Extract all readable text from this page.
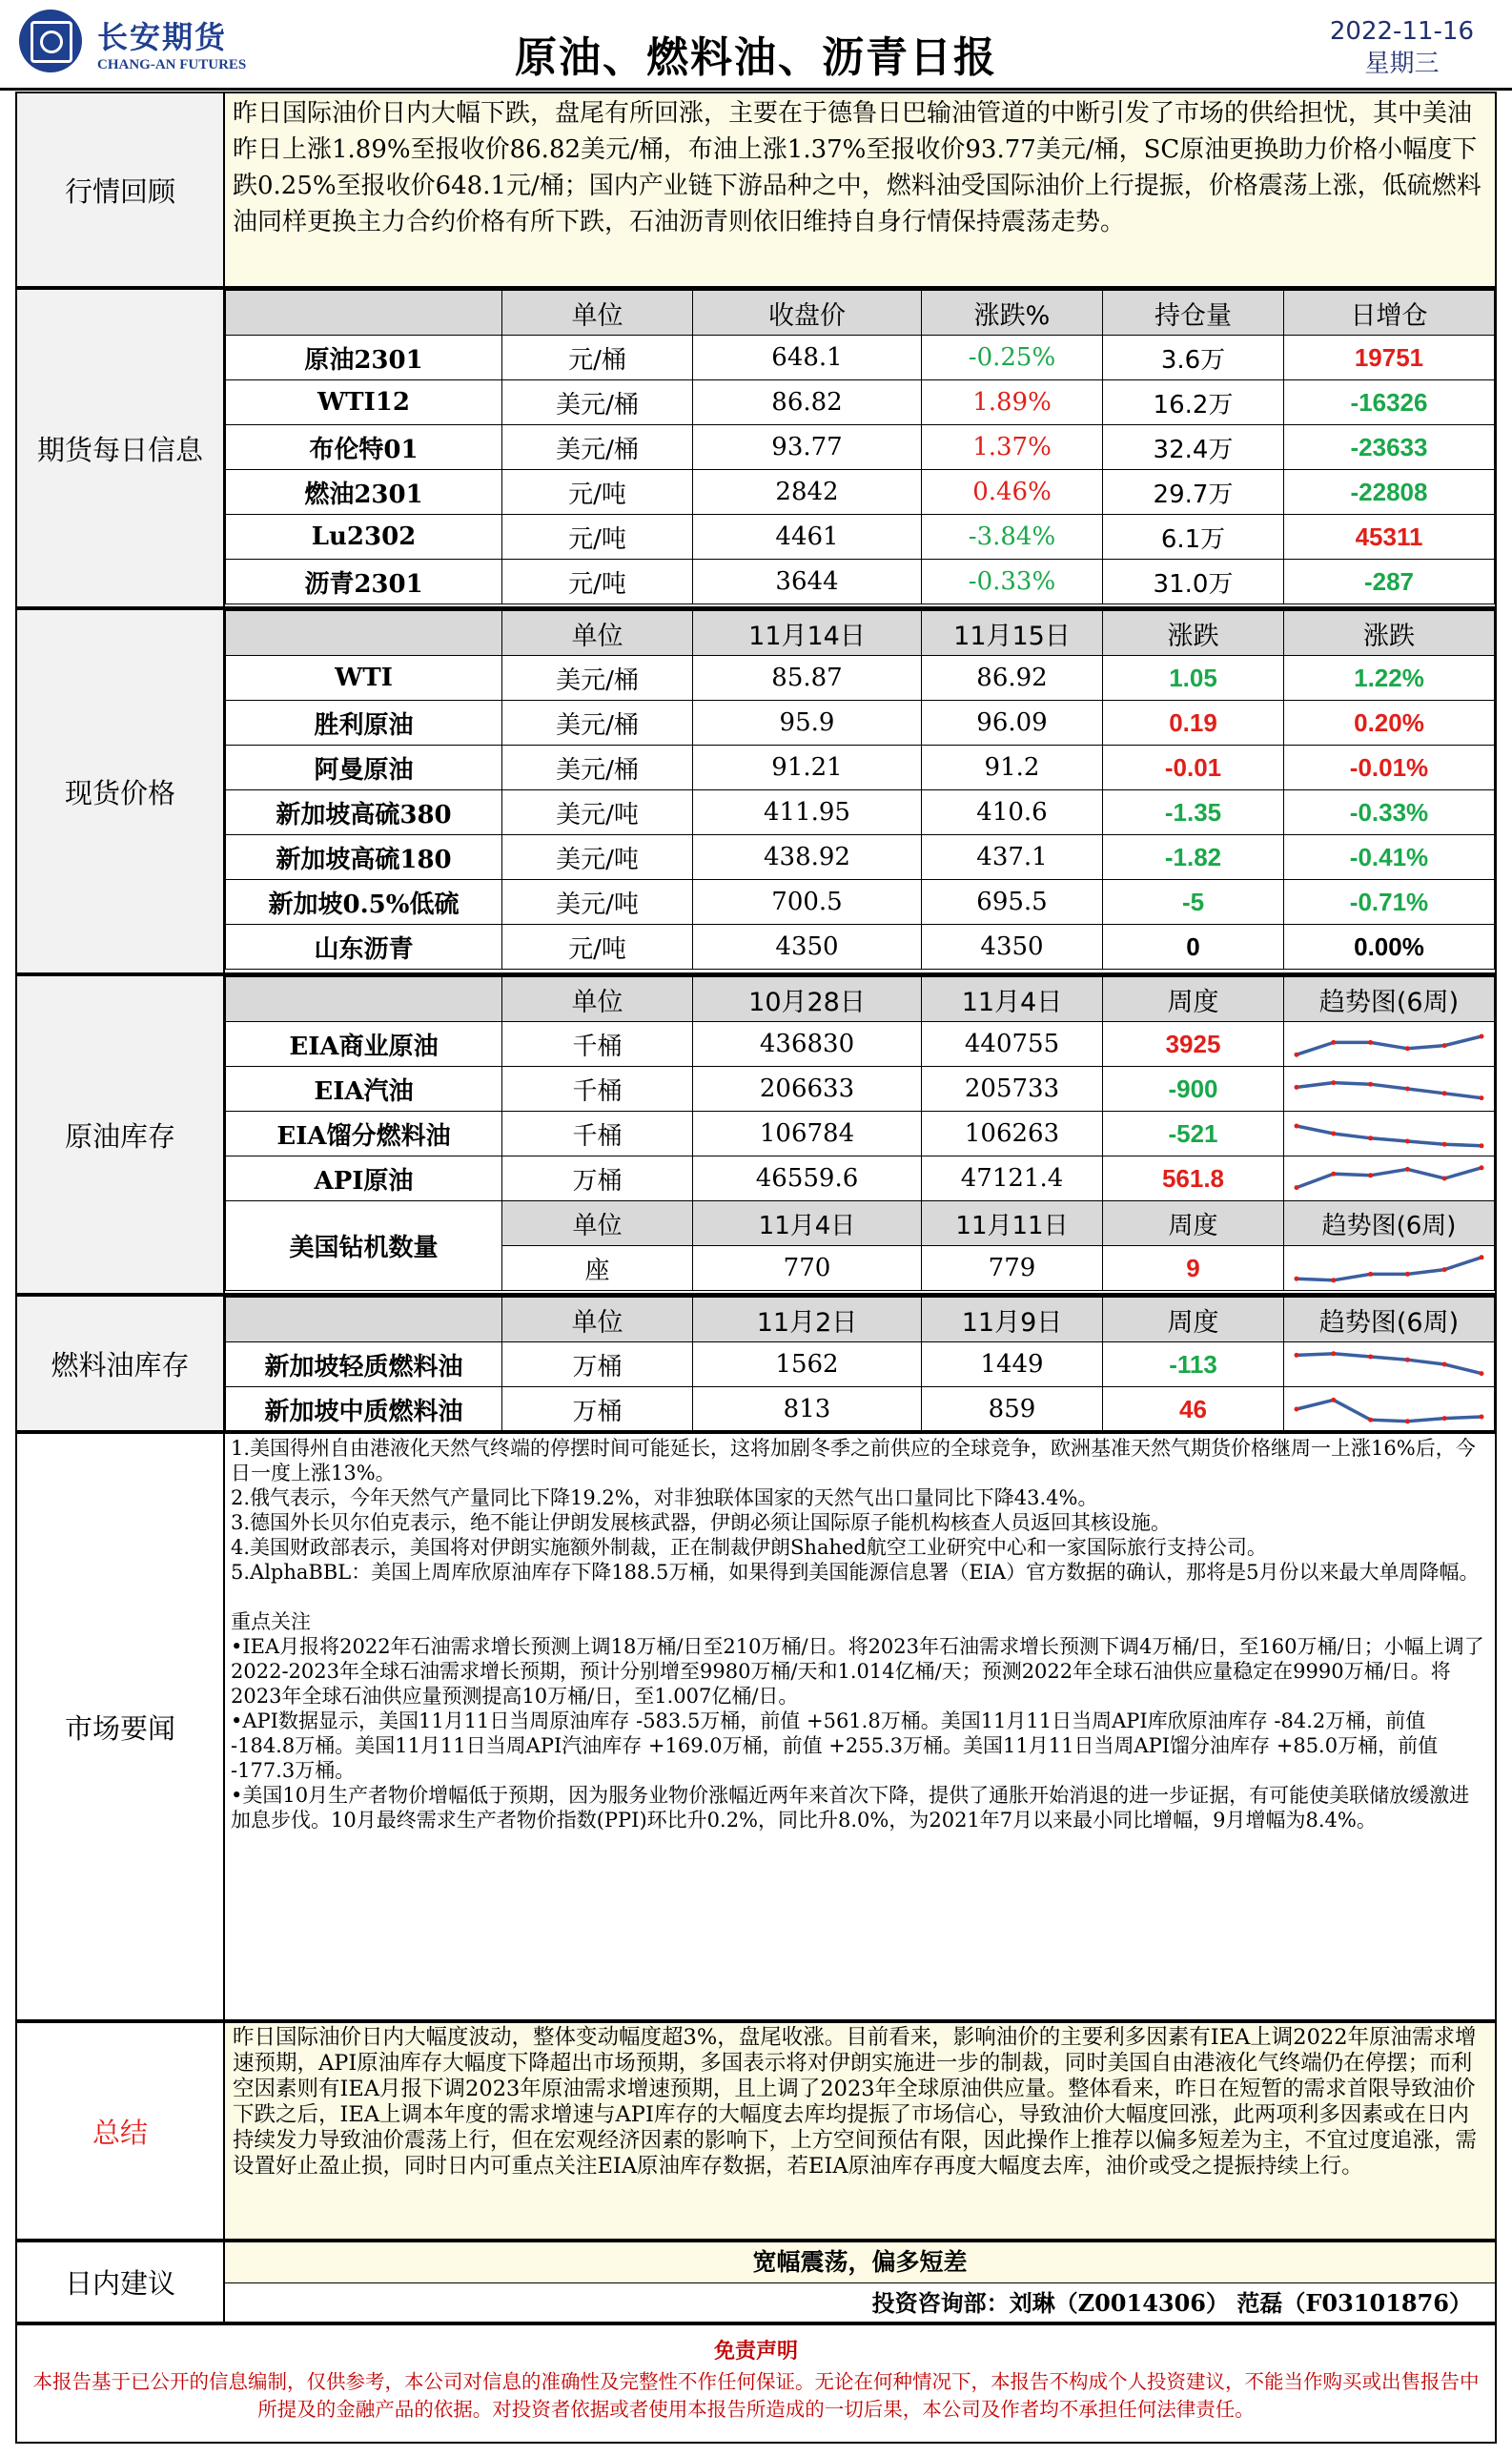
长安期货
CHANG-AN FUTURES	原油、燃料油、沥青日报
2022-11-16
星期三
行情回顾
昨日国际油价日内大幅下跌，盘尾有所回涨，主要在于德鲁日巴输油管道的中断引发了市场的供给担忧，其中美油昨日上涨1.89%至报收价86.82美元/桶，布油上涨1.37%至报收价93.77美元/桶，SC原油更换助力价格小幅度下跌0.25%至报收价648.1元/桶；国内产业链下游品种之中，燃料油受国际油价上行提振，价格震荡上涨，低硫燃料油同样更换主力合约价格有所下跌，石油沥青则依旧维持自身行情保持震荡走势。
期货每日信息
	单位	收盘价	涨跌%	持仓量	日增仓
原油2301	元/桶	648.1	-0.25%	3.6万	19751
WTI12	美元/桶	86.82	1.89%	16.2万	-16326
布伦特01	美元/桶	93.77	1.37%	32.4万	-23633
燃油2301	元/吨	2842	0.46%	29.7万	-22808
Lu2302	元/吨	4461	-3.84%	6.1万	45311
沥青2301	元/吨	3644	-0.33%	31.0万	-287
现货价格
	单位	11月14日	11月15日	涨跌	涨跌
WTI	美元/桶	85.87	86.92	1.05	1.22%
胜利原油	美元/桶	95.9	96.09	0.19	0.20%
阿曼原油	美元/桶	91.21	91.2	-0.01	-0.01%
新加坡高硫380	美元/吨	411.95	410.6	-1.35	-0.33%
新加坡高硫180	美元/吨	438.92	437.1	-1.82	-0.41%
新加坡0.5%低硫	美元/吨	700.5	695.5	-5	-0.71%
山东沥青	元/吨	4350	4350	0	0.00%
原油库存
	单位	10月28日	11月4日	周度	趋势图(6周)
EIA商业原油	千桶	436830	440755	3925	

EIA汽油	千桶	206633	205733	-900	

EIA馏分燃料油	千桶	106784	106263	-521	

API原油	万桶	46559.6	47121.4	561.8	

美国钻机数量	单位	11月4日	11月11日	周度	趋势图(6周)
	座	770	779	9	
燃料油库存
	单位	11月2日	11月9日	周度	趋势图(6周)
新加坡轻质燃料油	万桶	1562	1449	-113	

新加坡中质燃料油	万桶	813	859	46	
市场要闻

1.美国得州自由港液化天然气终端的停摆时间可能延长，这将加剧冬季之前供应的全球竞争，欧洲基准天然气期货价格继周一上涨16%后，今日一度上涨13%。

2.俄气表示，今年天然气产量同比下降19.2%，对非独联体国家的天然气出口量同比下降43.4%。

3.德国外长贝尔伯克表示，绝不能让伊朗发展核武器，伊朗必须让国际原子能机构核查人员返回其核设施。

4.美国财政部表示，美国将对伊朗实施额外制裁，正在制裁伊朗Shahed航空工业研究中心和一家国际旅行支持公司。

5.AlphaBBL：美国上周库欣原油库存下降188.5万桶，如果得到美国能源信息署（EIA）官方数据的确认，那将是5月份以来最大单周降幅。

重点关注

•IEA月报将2022年石油需求增长预测上调18万桶/日至210万桶/日。将2023年石油需求增长预测下调4万桶/日，至160万桶/日；小幅上调了2022-2023年全球石油需求增长预期，预计分别增至9980万桶/天和1.014亿桶/天；预测2022年全球石油供应量稳定在9990万桶/日。将2023年全球石油供应量预测提高10万桶/日，至1.007亿桶/日。

•API数据显示，美国11月11日当周原油库存 -583.5万桶，前值 +561.8万桶。美国11月11日当周API库欣原油库存 -84.2万桶，前值 -184.8万桶。美国11月11日当周API汽油库存 +169.0万桶，前值 +255.3万桶。美国11月11日当周API馏分油库存 +85.0万桶，前值 -177.3万桶。

•美国10月生产者物价增幅低于预期，因为服务业物价涨幅近两年来首次下降，提供了通胀开始消退的进一步证据，有可能使美联储放缓激进加息步伐。10月最终需求生产者物价指数(PPI)环比升0.2%，同比升8.0%，为2021年7月以来最小同比增幅，9月增幅为8.4%。

总结
昨日国际油价日内大幅度波动，整体变动幅度超3%，盘尾收涨。目前看来，影响油价的主要利多因素有IEA上调2022年原油需求增速预期，API原油库存大幅度下降超出市场预期，多国表示将对伊朗实施进一步的制裁，同时美国自由港液化气终端仍在停摆；而利空因素则有IEA月报下调2023年原油需求增速预期，且上调了2023年全球原油供应量。整体看来，昨日在短暂的需求首限导致油价下跌之后，IEA上调本年度的需求增速与API库存的大幅度去库均提振了市场信心，导致油价大幅度回涨，此两项利多因素或在日内持续发力导致油价震荡上行，但在宏观经济因素的影响下，上方空间预估有限，因此操作上推荐以偏多短差为主，不宜过度追涨，需设置好止盈止损，同时日内可重点关注EIA原油库存数据，若EIA原油库存再度大幅度去库，油价或受之提振持续上行。
日内建议
宽幅震荡，偏多短差
投资咨询部：刘琳（Z0014306） 范磊（F03101876）
免责声明
本报告基于已公开的信息编制，仅供参考，本公司对信息的准确性及完整性不作任何保证。无论在何种情况下，本报告不构成个人投资建议，不能当作购买或出售报告中所提及的金融产品的依据。对投资者依据或者使用本报告所造成的一切后果，本公司及作者均不承担任何法律责任。
